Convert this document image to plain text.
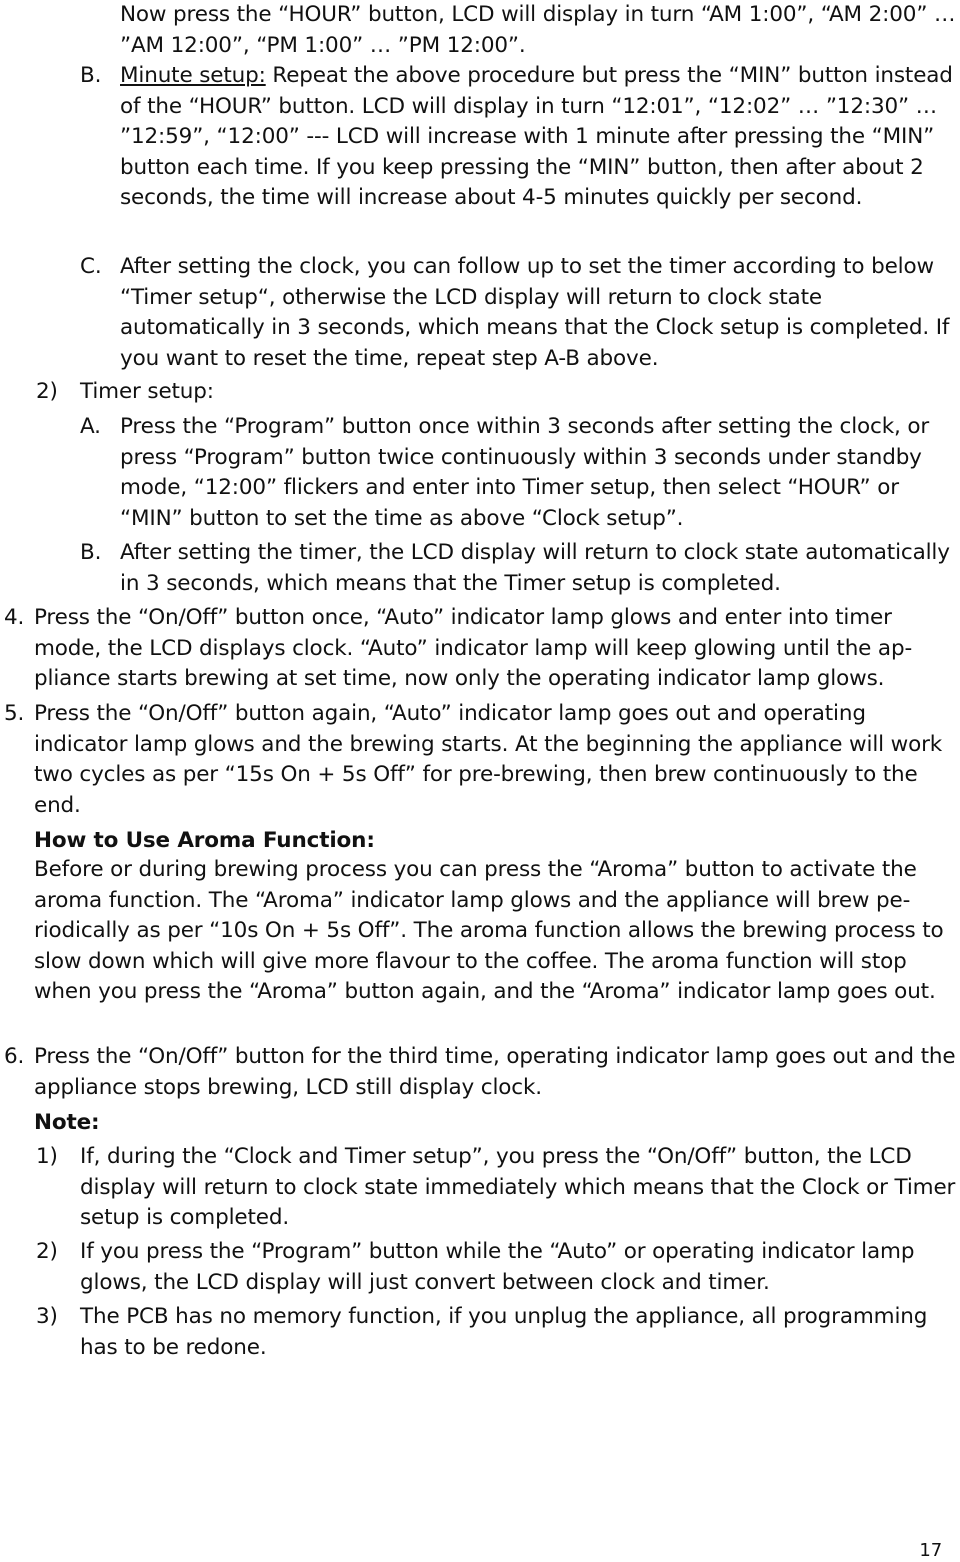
Now press the “HOUR” button, LCD will display in turn “AM 1:00”, “AM 2:00” … ”AM 12:00”, “PM 1:00” … ”PM 12:00”.

B. Minute setup: Repeat the above procedure but press the “MIN” button instead of the “HOUR” button. LCD will display in turn “12:01”, “12:02” … ”12:30” … ”12:59”, “12:00” --- LCD will increase with 1 minute after pressing the “MIN” button each time. If you keep pressing the “MIN” button, then after about 2 seconds, the time will increase about 4-5 minutes quickly per second.

C. After setting the clock, you can follow up to set the timer according to below “Timer setup“, otherwise the LCD display will return to clock state automatically in 3 seconds, which means that the Clock setup is completed. If you want to reset the time, repeat step A-B above.

2) Timer setup:

A. Press the “Program” button once within 3 seconds after setting the clock, or press “Program” button twice continuously within 3 seconds under standby mode, “12:00” flickers and enter into Timer setup, then select “HOUR” or “MIN” button to set the time as above “Clock setup”.

B. After setting the timer, the LCD display will return to clock state automatically in 3 seconds, which means that the Timer setup is completed.

4. Press the “On/Off” button once, “Auto” indicator lamp glows and enter into timer mode, the LCD displays clock. “Auto” indicator lamp will keep glowing until the appliance starts brewing at set time, now only the operating indicator lamp glows.

5. Press the “On/Off” button again, “Auto” indicator lamp goes out and operating indicator lamp glows and the brewing starts. At the beginning the appliance will work two cycles as per “15s On + 5s Off” for pre-brewing, then brew continuously to the end.

How to Use Aroma Function:

Before or during brewing process you can press the “Aroma” button to activate the aroma function. The “Aroma” indicator lamp glows and the appliance will brew periodically as per “10s On + 5s Off”. The aroma function allows the brewing process to slow down which will give more flavour to the coffee. The aroma function will stop when you press the “Aroma” button again, and the “Aroma” indicator lamp goes out.

6. Press the “On/Off” button for the third time, operating indicator lamp goes out and the appliance stops brewing, LCD still display clock.

Note:

1) If, during the “Clock and Timer setup”, you press the “On/Off” button, the LCD display will return to clock state immediately which means that the Clock or Timer setup is completed.

2) If you press the “Program” button while the “Auto” or operating indicator lamp glows, the LCD display will just convert between clock and timer.

3) The PCB has no memory function, if you unplug the appliance, all programming has to be redone.

17
